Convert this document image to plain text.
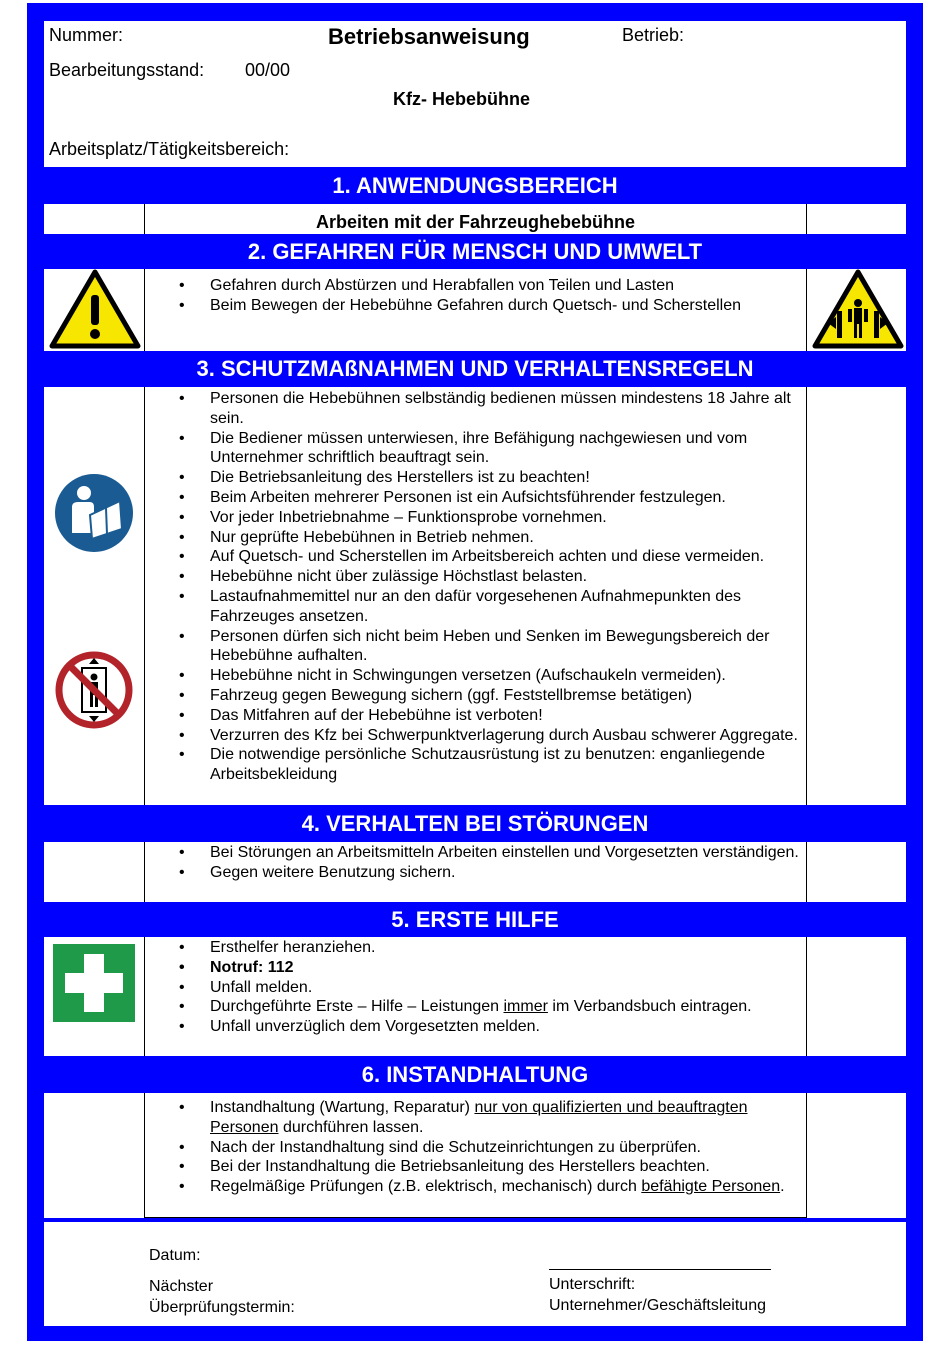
Nummer:	Betriebsanweisung	Betrieb:
Bearbeitungsstand: 00/00
Kfz- Hebebühne
Arbeitsplatz/Tätigkeitsbereich:
1. ANWENDUNGSBEREICH
Arbeiten mit der Fahrzeughebebühne
2. GEFAHREN FÜR MENSCH UND UMWELT
• Gefahren durch Abstürzen und Herabfallen von Teilen und Lasten
• Beim Bewegen der Hebebühne Gefahren durch Quetsch- und Scherstellen
3. SCHUTZMAßNAHMEN UND VERHALTENSREGELN
• Personen die Hebebühnen selbständig bedienen müssen mindestens 18 Jahre alt sein.
• Die Bediener müssen unterwiesen, ihre Befähigung nachgewiesen und vom Unternehmer schriftlich beauftragt sein.
• Die Betriebsanleitung des Herstellers ist zu beachten!
• Beim Arbeiten mehrerer Personen ist ein Aufsichtsführender festzulegen.
• Vor jeder Inbetriebnahme – Funktionsprobe vornehmen.
• Nur geprüfte Hebebühnen in Betrieb nehmen.
• Auf Quetsch- und Scherstellen im Arbeitsbereich achten und diese vermeiden.
• Hebebühne nicht über zulässige Höchstlast belasten.
• Lastaufnahmemittel nur an den dafür vorgesehenen Aufnahmepunkten des Fahrzeuges ansetzen.
• Personen dürfen sich nicht beim Heben und Senken im Bewegungsbereich der Hebebühne aufhalten.
• Hebebühne nicht in Schwingungen versetzen (Aufschaukeln vermeiden).
• Fahrzeug gegen Bewegung sichern (ggf. Feststellbremse betätigen)
• Das Mitfahren auf der Hebebühne ist verboten!
• Verzurren des Kfz bei Schwerpunktverlagerung durch Ausbau schwerer Aggregate.
• Die notwendige persönliche Schutzausrüstung ist zu benutzen: enganliegende Arbeitsbekleidung
4. VERHALTEN BEI STÖRUNGEN
• Bei Störungen an Arbeitsmitteln Arbeiten einstellen und Vorgesetzten verständigen.
• Gegen weitere Benutzung sichern.
5. ERSTE HILFE
• Ersthelfer heranziehen.
• Notruf: 112
• Unfall melden.
• Durchgeführte Erste – Hilfe – Leistungen immer im Verbandsbuch eintragen.
• Unfall unverzüglich dem Vorgesetzten melden.
6. INSTANDHALTUNG
• Instandhaltung (Wartung, Reparatur) nur von qualifizierten und beauftragten Personen durchführen lassen.
• Nach der Instandhaltung sind die Schutzeinrichtungen zu überprüfen.
• Bei der Instandhaltung die Betriebsanleitung des Herstellers beachten.
• Regelmäßige Prüfungen (z.B. elektrisch, mechanisch) durch befähigte Personen.
Datum:
Nächster Überprüfungstermin:
Unterschrift:
Unternehmer/Geschäftsleitung
